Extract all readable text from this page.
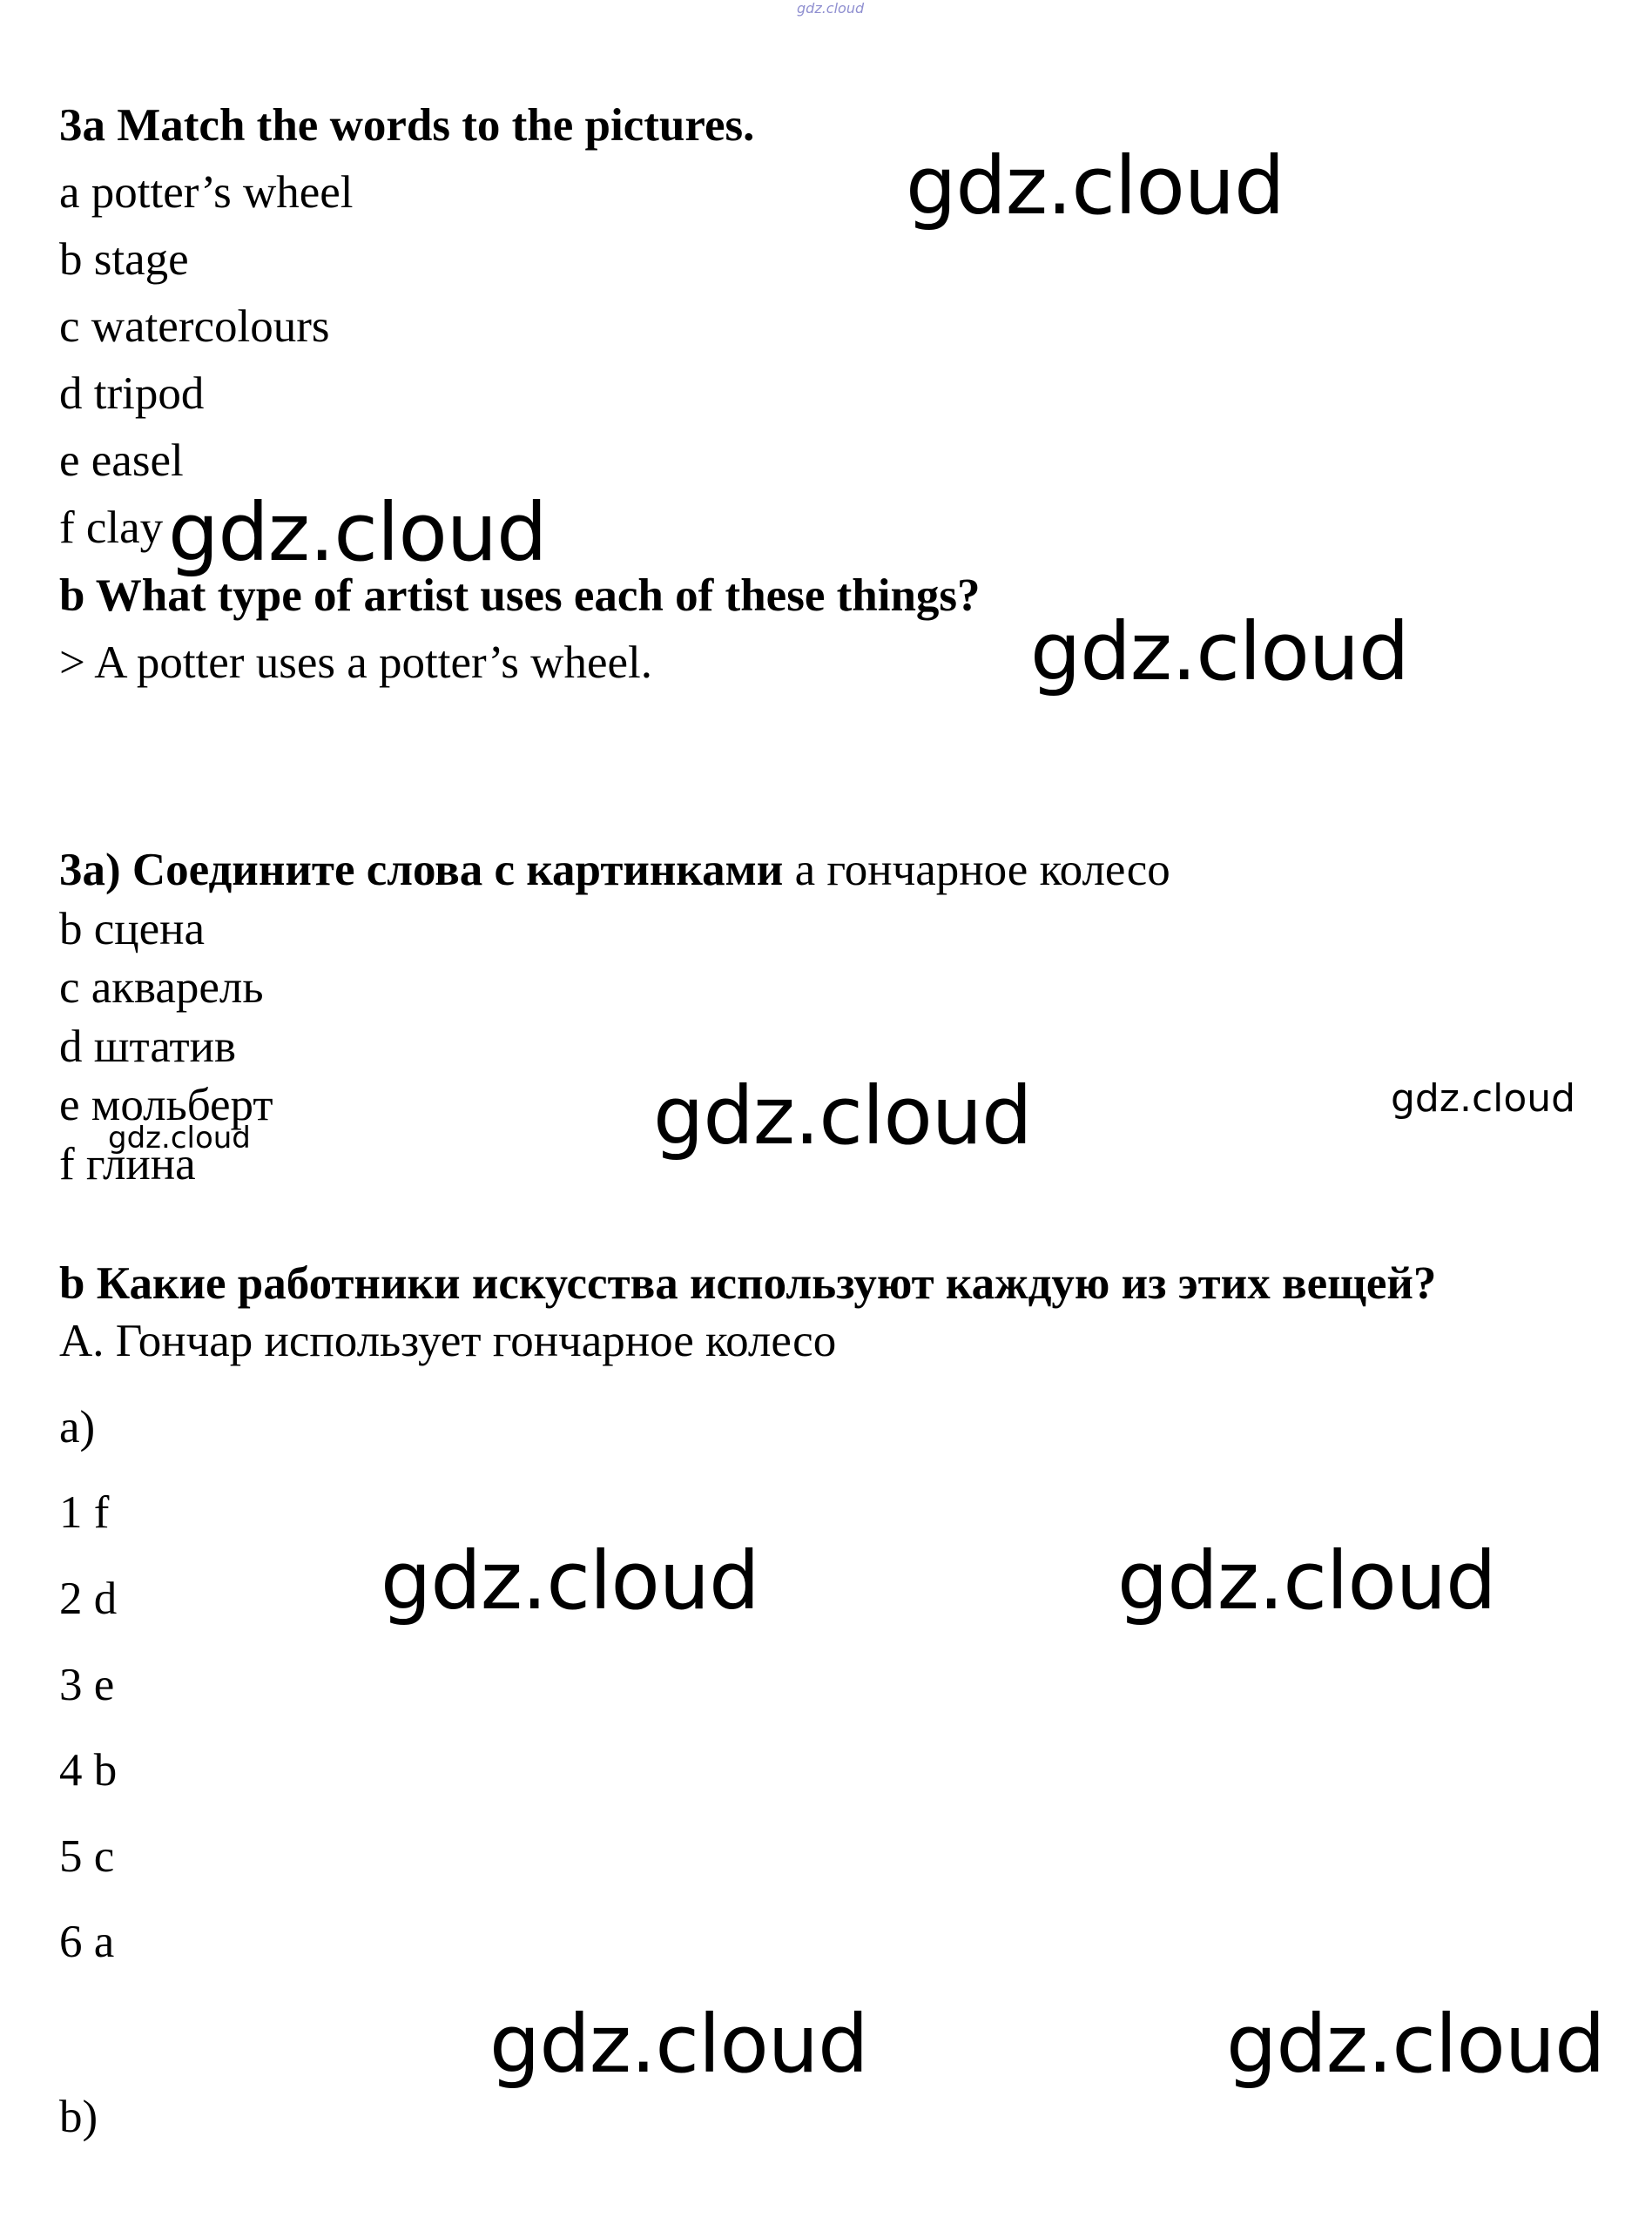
gdz.cloud
3a Match the words to the pictures.
a potter’s wheel
b stage
c watercolours
d tripod
e easel
f clay
b What type of artist uses each of these things?
> A potter uses a potter’s wheel.
3а) Соедините слова с картинками а гончарное колесо
b сцена
c акварель
d штатив
e мольберт
f глина
b Какие работники искусства используют каждую из этих вещей?
А. Гончар использует гончарное колесо
a)
1 f
2 d
3 e
4 b
5 c
6 a
b)
gdz.cloud
gdz.cloud
gdz.cloud
gdz.cloud	gdz.cloud
gdz.cloud
gdz.cloud	gdz.cloud
gdz.cloud	gdz.cloud
